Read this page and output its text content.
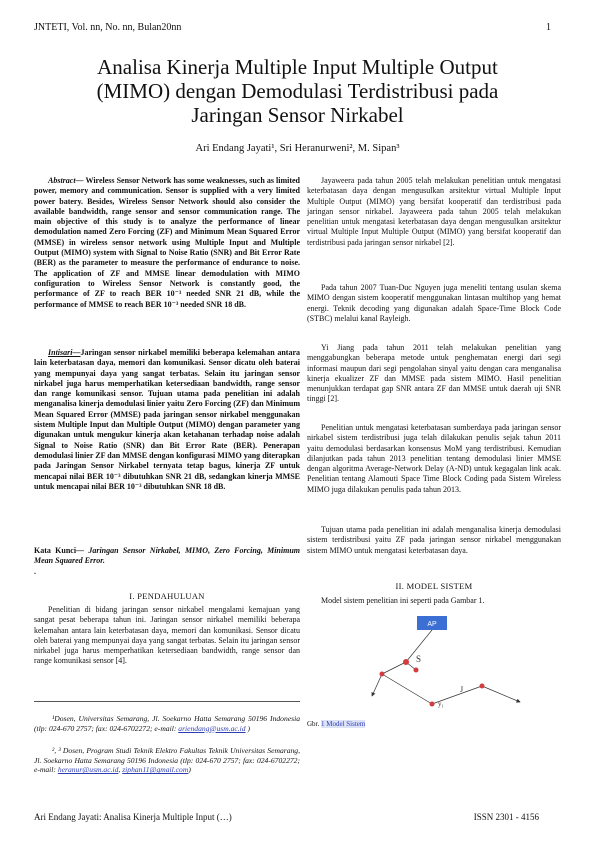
JNTETI, Vol. nn, No. nn, Bulan20nn	1
Analisa Kinerja Multiple Input Multiple Output
(MIMO) dengan Demodulasi Terdistribusi pada
Jaringan Sensor Nirkabel
Ari Endang Jayati¹, Sri Heranurweni², M. Sipan³
Abstract— Wireless Sensor Network has some weaknesses, such as limited power, memory and communication. Sensor is supplied with a very limited power batery. Besides, Wireless Sensor Network should also consider the available bandwidth, range sensor and sensor communication range. The main objective of this study is to analyze the performance of linear demodulation named Zero Forcing (ZF) and Minimum Mean Squared Error (MMSE) in wireless sensor network using Multiple Input and Multiple Output (MIMO) system with Signal to Noise Ratio (SNR) and Bit Error Rate (BER) as the parameter to measure the performance of endurance to noise. The application of ZF and MMSE linear demodulation with MIMO configuration to Wireless Sensor Network is constantly good, the performance of ZF to reach BER 10⁻³ needed SNR 21 dB, while the performance of MMSE to reach BER 10⁻³ needed SNR 18 dB.
Intisari—Jaringan sensor nirkabel memiliki beberapa kelemahan antara lain keterbatasan daya, memori dan komunikasi. Sensor dicatu oleh baterai yang mempunyai daya yang sangat terbatas. Selain itu jaringan sensor nirkabel juga harus memperhatikan ketersediaan bandwidth, range sensor dan range komunikasi sensor. Tujuan utama pada penelitian ini adalah menganalisa kinerja demodulasi linier yaitu Zero Forcing (ZF) dan Minimum Mean Squared Error (MMSE) pada jaringan sensor nirkabel menggunakan sistem Multiple Input dan Multiple Output (MIMO) dengan parameter yang digunakan untuk mengukur kinerja akan ketahanan terhadap noise adalah Signal to Noise Ratio (SNR) dan Bit Error Rate (BER). Penerapan demodulasi linier ZF dan MMSE dengan konfigurasi MIMO yang diterapkan pada Jaringan Sensor Nirkabel ternyata tetap bagus, kinerja ZF untuk mencapai nilai BER 10⁻³ dibutuhkan SNR 21 dB, sedangkan kinerja MMSE untuk mencapai nilai BER 10⁻³ dibutuhkan SNR 18 dB.
Kata Kunci— Jaringan Sensor Nirkabel, MIMO, Zero Forcing, Minimum Mean Squared Error.
.
I. PENDAHULUAN
Penelitian di bidang jaringan sensor nirkabel mengalami kemajuan yang sangat pesat beberapa tahun ini. Jaringan sensor nirkabel memiliki beberapa kelemahan antara lain keterbatasan daya, memori dan komunikasi. Sensor dicatu oleh baterai yang mempunyai daya yang sangat terbatas. Selain itu jaringan sensor nirkabel juga harus memperhatikan ketersediaan bandwidth, range sensor dan range komunikasi sensor [4].
¹Dosen, Universitas Semarang, Jl. Soekarno Hatta Semarang 50196 Indonesia (tlp: 024-670 2757; fax: 024-6702272; e-mail: ariendang@usm.ac.id )
², ³ Dosen, Program Studi Teknik Elektro Fakultas Teknik Universitas Semarang, Jl. Soekarno Hatta Semarang 50196 Indonesia (tlp: 024-670 2757; fax: 024-6702272; e-mail: heranur@usm.ac.id, ziphan11@gmail.com)
Jayaweera pada tahun 2005 telah melakukan penelitian untuk mengatasi keterbatasan daya dengan mengusulkan arsitektur virtual Multiple Input Multiple Output (MIMO) yang bersifat kooperatif dan terdistribusi pada jaringan sensor nirkabel. Jayaweera pada tahun 2005 telah melakukan penelitian untuk mengatasi keterbatasan daya dengan mengusulkan arsitektur virtual Multiple Input Multiple Output (MIMO) yang bersifat kooperatif dan terdistribusi pada jaringan sensor nirkabel [2].
Pada tahun 2007 Tuan-Duc Nguyen juga meneliti tentang usulan skema MIMO dengan sistem kooperatif menggunakan lintasan multihop yang hemat energi. Teknik decoding yang digunakan adalah Space-Time Block Code (STBC) melalui kanal Rayleigh.
Yi Jiang pada tahun 2011 telah melakukan penelitian yang menggabungkan beberapa metode untuk penghematan energi dari segi informasi maupun dari segi pengolahan sinyal yaitu dengan cara menganalisa kinerja ekualizer ZF dan MMSE pada sistem MIMO. Hasil penelitian menunjukkan terdapat gap SNR antara ZF dan MMSE untuk daerah uji SNR tinggi [2].
Penelitian untuk mengatasi keterbatasan sumberdaya pada jaringan sensor nirkabel sistem terdistribusi juga telah dilakukan penulis sejak tahun 2011 yaitu demodulasi berdasarkan konsensus MoM yang terdistribusi. Kemudian dilanjutkan pada tahun 2013 penelitian tentang demodulasi linier MMSE dengan algoritma Average-Network Delay (A-ND) untuk kegagalan link acak. Penelitian tentang Alamouti Space Time Block Coding pada Sistem Wireless MIMO juga dilakukan penulis pada tahun 2013.
Tujuan utama pada penelitian ini adalah menganalisa kinerja demodulasi sistem terdistribusi yaitu ZF pada jaringan sensor nirkabel menggunakan sistem MIMO untuk mengatasi keterbatasan daya.
II. MODEL SISTEM
Model sistem penelitian ini seperti pada Gambar 1.
AP
S
y₁
J
Gbr. 1 Model Sistem
Ari Endang Jayati: Analisa Kinerja Multiple Input (…)	ISSN 2301 - 4156
